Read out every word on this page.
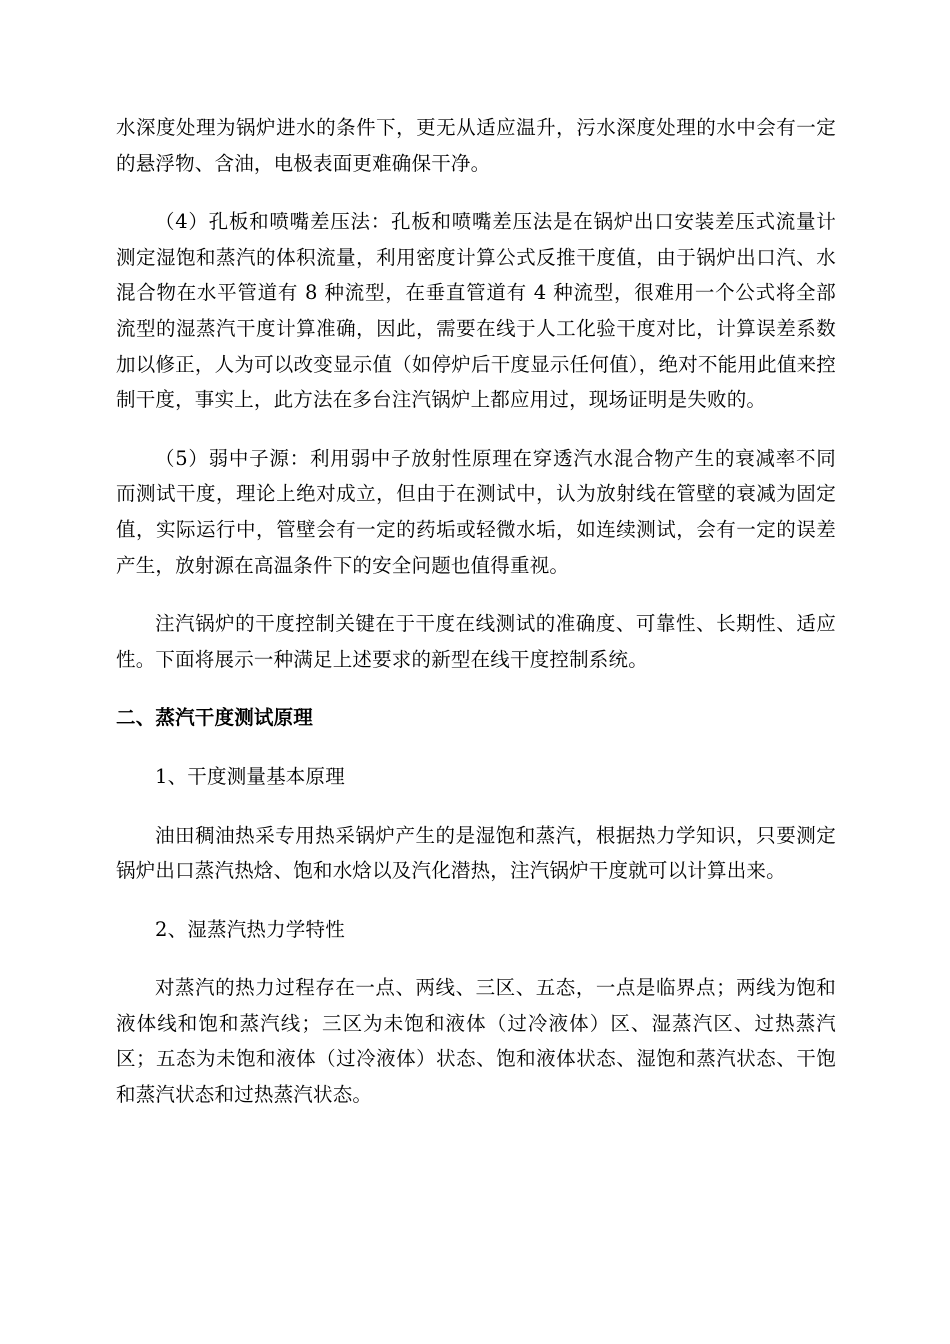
水深度处理为锅炉进水的条件下，更无从适应温升，污水深度处理的水中会有一定的悬浮物、含油，电极表面更难确保干净。

（4）孔板和喷嘴差压法：孔板和喷嘴差压法是在锅炉出口安装差压式流量计测定湿饱和蒸汽的体积流量，利用密度计算公式反推干度值，由于锅炉出口汽、水混合物在水平管道有 8 种流型，在垂直管道有 4 种流型，很难用一个公式将全部流型的湿蒸汽干度计算准确，因此，需要在线于人工化验干度对比，计算误差系数加以修正，人为可以改变显示值（如停炉后干度显示任何值），绝对不能用此值来控制干度，事实上，此方法在多台注汽锅炉上都应用过，现场证明是失败的。

（5）弱中子源：利用弱中子放射性原理在穿透汽水混合物产生的衰减率不同而测试干度，理论上绝对成立，但由于在测试中，认为放射线在管壁的衰减为固定值，实际运行中，管壁会有一定的药垢或轻微水垢，如连续测试，会有一定的误差产生，放射源在高温条件下的安全问题也值得重视。

注汽锅炉的干度控制关键在于干度在线测试的准确度、可靠性、长期性、适应性。下面将展示一种满足上述要求的新型在线干度控制系统。

二、蒸汽干度测试原理

1、干度测量基本原理

油田稠油热采专用热采锅炉产生的是湿饱和蒸汽，根据热力学知识，只要测定锅炉出口蒸汽热焓、饱和水焓以及汽化潜热，注汽锅炉干度就可以计算出来。

2、湿蒸汽热力学特性

对蒸汽的热力过程存在一点、两线、三区、五态，一点是临界点；两线为饱和液体线和饱和蒸汽线；三区为未饱和液体（过冷液体）区、湿蒸汽区、过热蒸汽区；五态为未饱和液体（过冷液体）状态、饱和液体状态、湿饱和蒸汽状态、干饱和蒸汽状态和过热蒸汽状态。
